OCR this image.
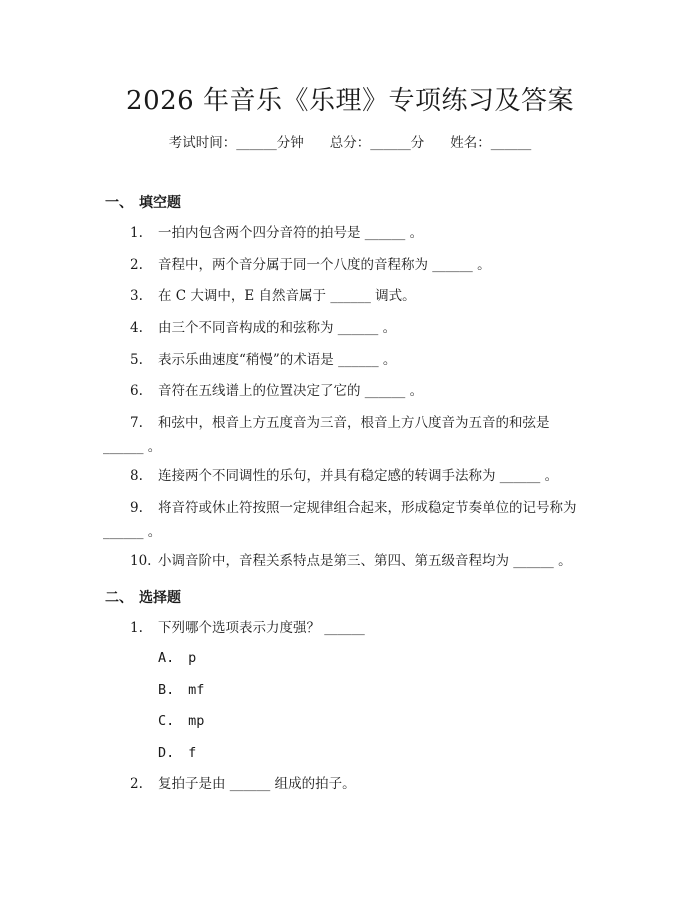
2026 年音乐《乐理》专项练习及答案
考试时间：______分钟 总分：______分 姓名：______
一、 填空题
1. 一拍内包含两个四分音符的拍号是 ______ 。
2. 音程中，两个音分属于同一个八度的音程称为 ______ 。
3. 在 C 大调中，E 自然音属于 ______ 调式。
4. 由三个不同音构成的和弦称为 ______ 。
5. 表示乐曲速度“稍慢”的术语是 ______ 。
6. 音符在五线谱上的位置决定了它的 ______ 。
7. 和弦中，根音上方五度音为三音，根音上方八度音为五音的和弦是
______ 。
8. 连接两个不同调性的乐句，并具有稳定感的转调手法称为 ______ 。
9. 将音符或休止符按照一定规律组合起来，形成稳定节奏单位的记号称为
______ 。
10. 小调音阶中，音程关系特点是第三、第四、第五级音程均为 ______ 。
二、 选择题
1. 下列哪个选项表示力度强？ ______
A. p
B. mf
C. mp
D. f
2. 复拍子是由 ______ 组成的拍子。
